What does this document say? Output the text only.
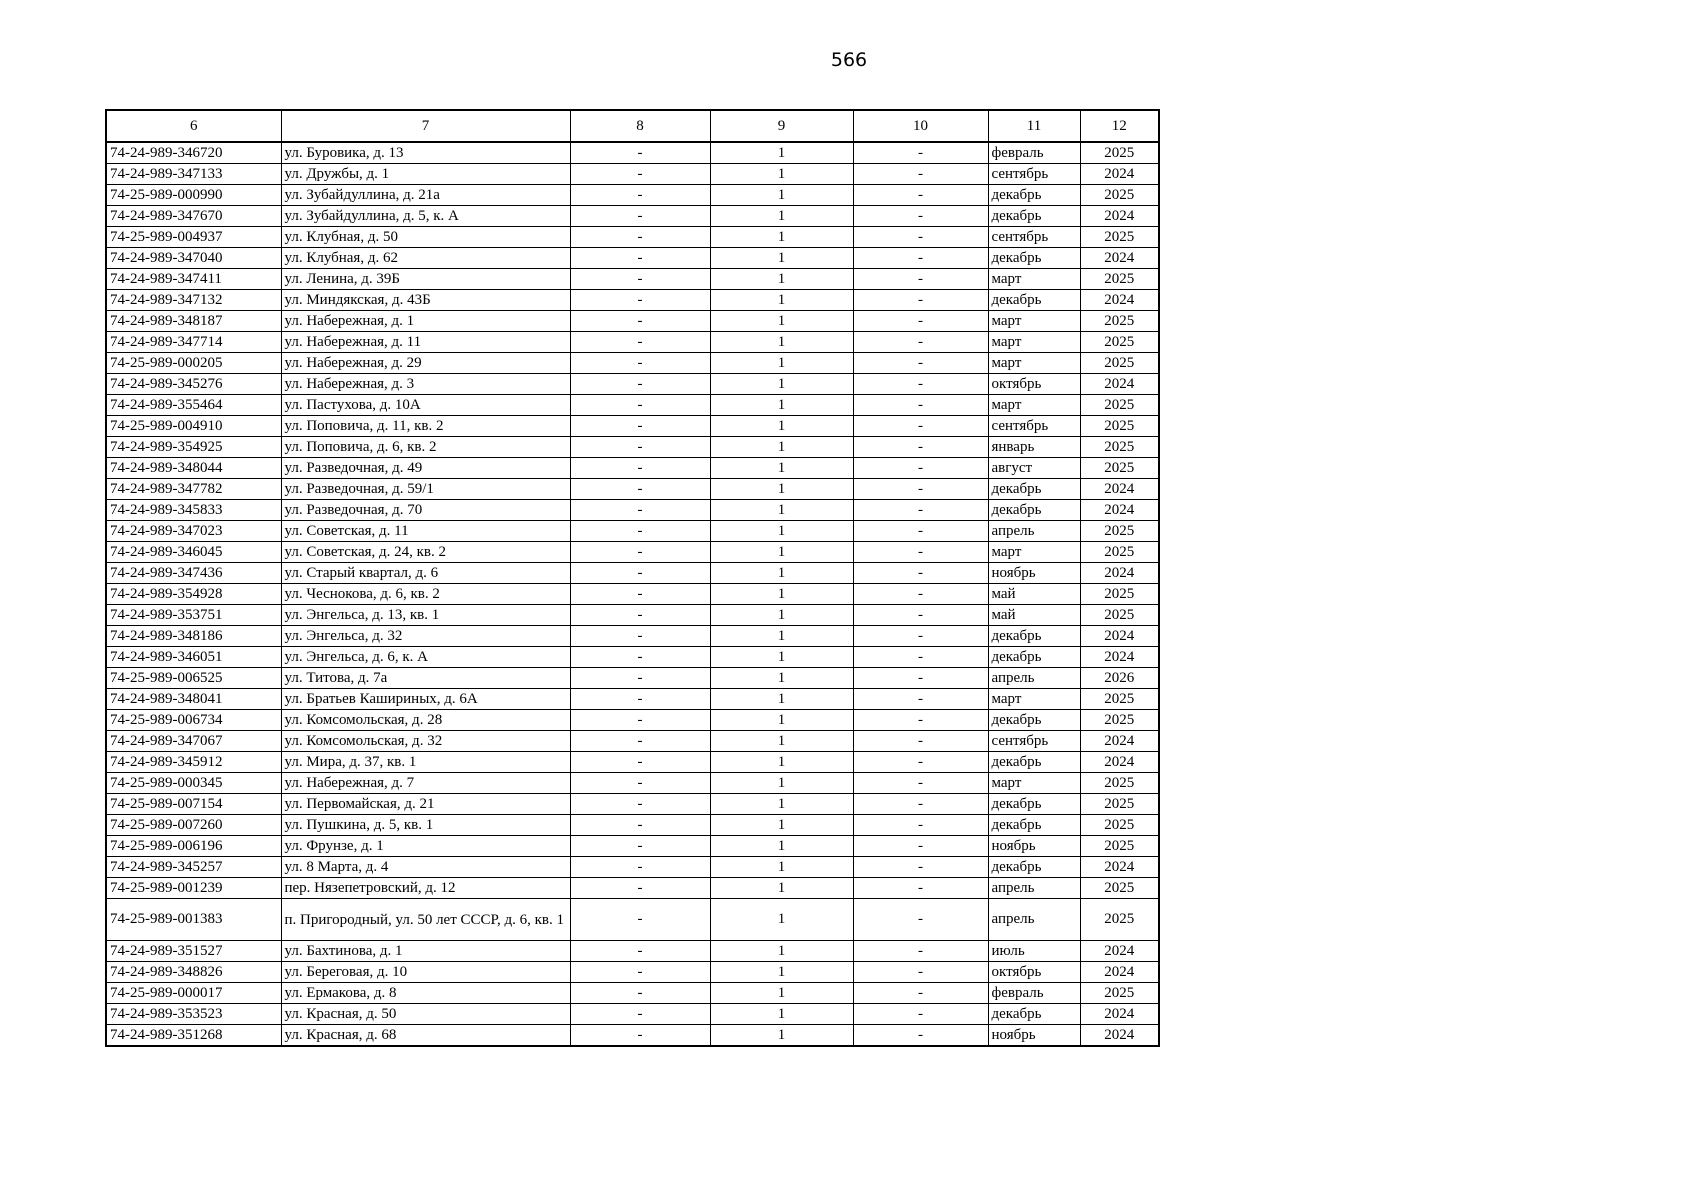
566
6	7	8	9	10	11	12
74-24-989-346720	ул. Буровика, д. 13	-	1	-	февраль	2025
74-24-989-347133	ул. Дружбы, д. 1	-	1	-	сентябрь	2024
74-25-989-000990	ул. Зубайдуллина, д. 21а	-	1	-	декабрь	2025
74-24-989-347670	ул. Зубайдуллина, д. 5, к. А	-	1	-	декабрь	2024
74-25-989-004937	ул. Клубная, д. 50	-	1	-	сентябрь	2025
74-24-989-347040	ул. Клубная, д. 62	-	1	-	декабрь	2024
74-24-989-347411	ул. Ленина, д. 39Б	-	1	-	март	2025
74-24-989-347132	ул. Миндякская, д. 43Б	-	1	-	декабрь	2024
74-24-989-348187	ул. Набережная, д. 1	-	1	-	март	2025
74-24-989-347714	ул. Набережная, д. 11	-	1	-	март	2025
74-25-989-000205	ул. Набережная, д. 29	-	1	-	март	2025
74-24-989-345276	ул. Набережная, д. 3	-	1	-	октябрь	2024
74-24-989-355464	ул. Пастухова, д. 10А	-	1	-	март	2025
74-25-989-004910	ул. Поповича, д. 11, кв. 2	-	1	-	сентябрь	2025
74-24-989-354925	ул. Поповича, д. 6, кв. 2	-	1	-	январь	2025
74-24-989-348044	ул. Разведочная, д. 49	-	1	-	август	2025
74-24-989-347782	ул. Разведочная, д. 59/1	-	1	-	декабрь	2024
74-24-989-345833	ул. Разведочная, д. 70	-	1	-	декабрь	2024
74-24-989-347023	ул. Советская, д. 11	-	1	-	апрель	2025
74-24-989-346045	ул. Советская, д. 24, кв. 2	-	1	-	март	2025
74-24-989-347436	ул. Старый квартал, д. 6	-	1	-	ноябрь	2024
74-24-989-354928	ул. Чеснокова, д. 6, кв. 2	-	1	-	май	2025
74-24-989-353751	ул. Энгельса, д. 13, кв. 1	-	1	-	май	2025
74-24-989-348186	ул. Энгельса, д. 32	-	1	-	декабрь	2024
74-24-989-346051	ул. Энгельса, д. 6, к. А	-	1	-	декабрь	2024
74-25-989-006525	ул. Титова, д. 7а	-	1	-	апрель	2026
74-24-989-348041	ул. Братьев Кашириных, д. 6А	-	1	-	март	2025
74-25-989-006734	ул. Комсомольская, д. 28	-	1	-	декабрь	2025
74-24-989-347067	ул. Комсомольская, д. 32	-	1	-	сентябрь	2024
74-24-989-345912	ул. Мира, д. 37, кв. 1	-	1	-	декабрь	2024
74-25-989-000345	ул. Набережная, д. 7	-	1	-	март	2025
74-25-989-007154	ул. Первомайская, д. 21	-	1	-	декабрь	2025
74-25-989-007260	ул. Пушкина, д. 5, кв. 1	-	1	-	декабрь	2025
74-25-989-006196	ул. Фрунзе, д. 1	-	1	-	ноябрь	2025
74-24-989-345257	ул. 8 Марта, д. 4	-	1	-	декабрь	2024
74-25-989-001239	пер. Нязепетровский, д. 12	-	1	-	апрель	2025
74-25-989-001383	п. Пригородный, ул. 50 лет СССР, д. 6, кв. 1	-	1	-	апрель	2025
74-24-989-351527	ул. Бахтинова, д. 1	-	1	-	июль	2024
74-24-989-348826	ул. Береговая, д. 10	-	1	-	октябрь	2024
74-25-989-000017	ул. Ермакова, д. 8	-	1	-	февраль	2025
74-24-989-353523	ул. Красная, д. 50	-	1	-	декабрь	2024
74-24-989-351268	ул. Красная, д. 68	-	1	-	ноябрь	2024
